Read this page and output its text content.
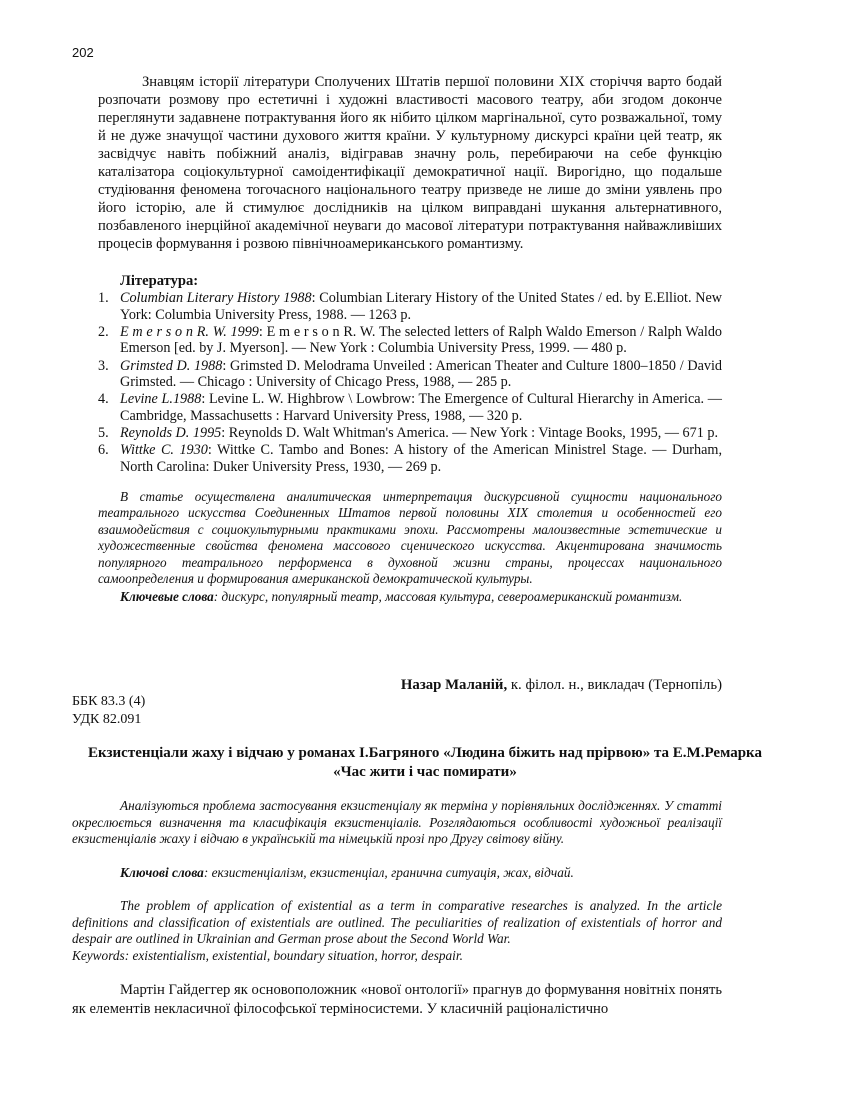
202

Знавцям історії літератури Сполучених Штатів першої половини XIX сторіччя варто бодай розпочати розмову про естетичні і художні властивості масового театру, аби згодом доконче переглянути задавнене потрактування його як нібито цілком маргінальної, суто розважальної, тому й не дуже значущої частини духового життя країни. У культурному дискурсі країни цей театр, як засвідчує навіть побіжний аналіз, відігравав значну роль, перебираючи на себе функцію каталізатора соціокультурної самоідентифікації демократичної нації. Вирогідно, що подальше студіювання феномена тогочасного національного театру призведе не лише до зміни уявлень про його історію, але й стимулює дослідників на цілком виправдані шукання альтернативного, позбавленого інерційної академічної неуваги до масової літератури потрактування найважливіших процесів формування і розвою північноамериканського романтизму.

Література:
1. Columbian Literary History 1988: Columbian Literary History of the United States / ed. by E.Elliot. New York: Columbia University Press, 1988. — 1263 p.
2. E m e r s o n R. W. 1999: E m e r s o n R. W. The selected letters of Ralph Waldo Emerson / Ralph Waldo Emerson [ed. by J. Myerson]. — New York : Columbia University Press, 1999. — 480 p.
3. Grimsted D. 1988: Grimsted D. Melodrama Unveiled : American Theater and Culture 1800–1850 / David Grimsted. — Chicago : University of Chicago Press, 1988, — 285 p.
4. Levine L.1988: Levine L. W. Highbrow \ Lowbrow: The Emergence of Cultural Hierarchy in America. — Cambridge, Massachusetts : Harvard University Press, 1988, — 320 p.
5. Reynolds D. 1995: Reynolds D. Walt Whitman's America. — New York : Vintage Books, 1995, — 671 p.
6. Wittke C. 1930: Wittke C. Tambo and Bones: A history of the American Ministrel Stage. — Durham, North Carolina: Duker University Press, 1930, — 269 p.

В статье осуществлена аналитическая интерпретация дискурсивной сущности национального театрального искусства Соединенных Штатов первой половины XIX столетия и особенностей его взаимодействия с социокультурными практиками эпохи. Рассмотрены малоизвестные эстетические и художественные свойства феномена массового сценического искусства. Акцентирована значимость популярного театрального перформенса в духовной жизни страны, процессах национального самоопределения и формирования американской демократической культуры.

Ключевые слова: дискурс, популярный театр, массовая культура, североамериканский романтизм.

Назар Маланій, к. філол. н., викладач (Тернопіль)
ББК 83.3 (4)
УДК 82.091
Екзистенціали жаху і відчаю у романах І.Багряного «Людина біжить над прірвою» та Е.М.Ремарка «Час жити і час помирати»

Аналізуються проблема застосування екзистенціалу як терміна у порівняльних дослідженнях. У статті окреслюється визначення та класифікація екзистенціалів. Розглядаються особливості художньої реалізації екзистенціалів жаху і відчаю в українській та німецькій прозі про Другу світову війну.

Ключові слова: екзистенціалізм, екзистенціал, гранична ситуація, жах, відчай.

The problem of application of existential as a term in comparative researches is analyzed. In the article definitions and classification of existentials are outlined. The peculiarities of realization of existentials of horror and despair are outlined in Ukrainian and German prose about the Second World War.

Keywords: existentialism, existential, boundary situation, horror, despair.

Мартін Гайдеггер як основоположник «нової онтології» прагнув до формування новітніх понять як елементів некласичної філософської терміносистеми. У класичній раціоналістично
